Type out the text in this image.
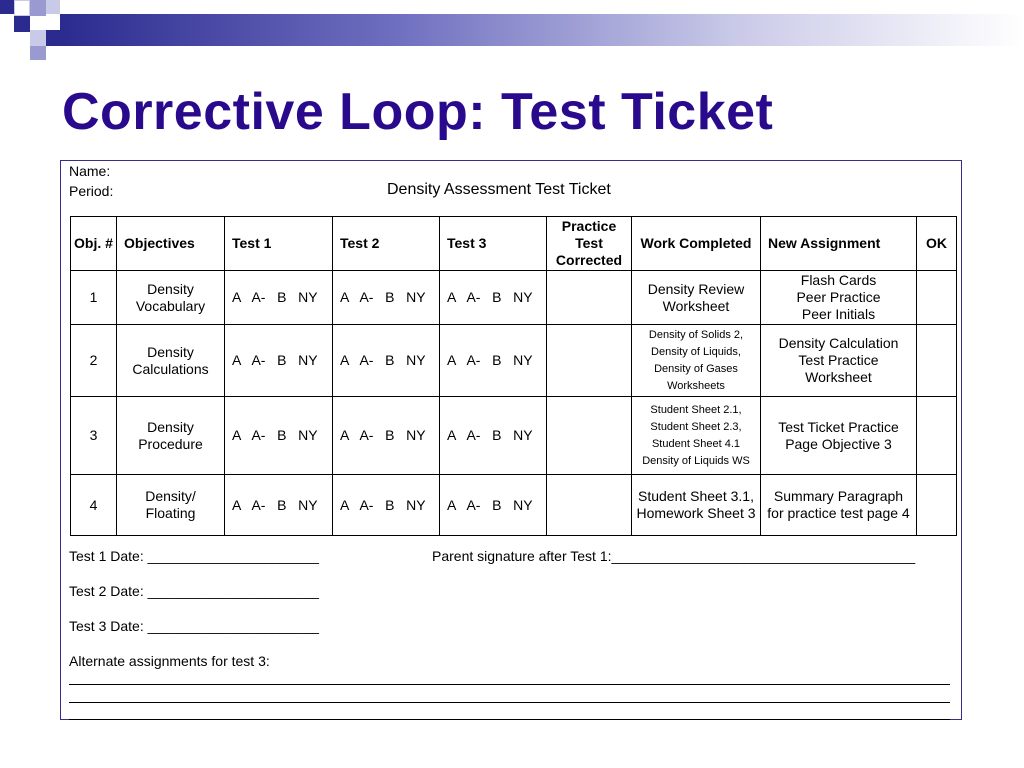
Corrective Loop: Test Ticket
Name:
Period:	Density Assessment Test Ticket
Obj. #	Objectives	Test 1	Test 2	Test 3	Practice Test Corrected	Work Completed	New Assignment	OK
1	Density Vocabulary	A   A-   B   NY	A   A-   B   NY	A   A-   B   NY		Density Review Worksheet	Flash Cards
Peer Practice
Peer Initials	
2	Density Calculations	A   A-   B   NY	A   A-   B   NY	A   A-   B   NY		Density of Solids 2, Density of Liquids, Density of Gases Worksheets	Density Calculation Test Practice Worksheet	
3	Density Procedure	A   A-   B   NY	A   A-   B   NY	A   A-   B   NY		Student Sheet 2.1, Student Sheet 2.3, Student Sheet 4.1 Density of Liquids WS	Test Ticket Practice Page Objective 3	
4	Density/ Floating	A   A-   B   NY	A   A-   B   NY	A   A-   B   NY		Student Sheet 3.1, Homework Sheet 3	Summary Paragraph for practice test page 4	
Test 1 Date: ______________________	Parent signature after Test 1:_______________________________________
Test 2 Date: ______________________
Test 3 Date: ______________________
Alternate assignments for test 3:
